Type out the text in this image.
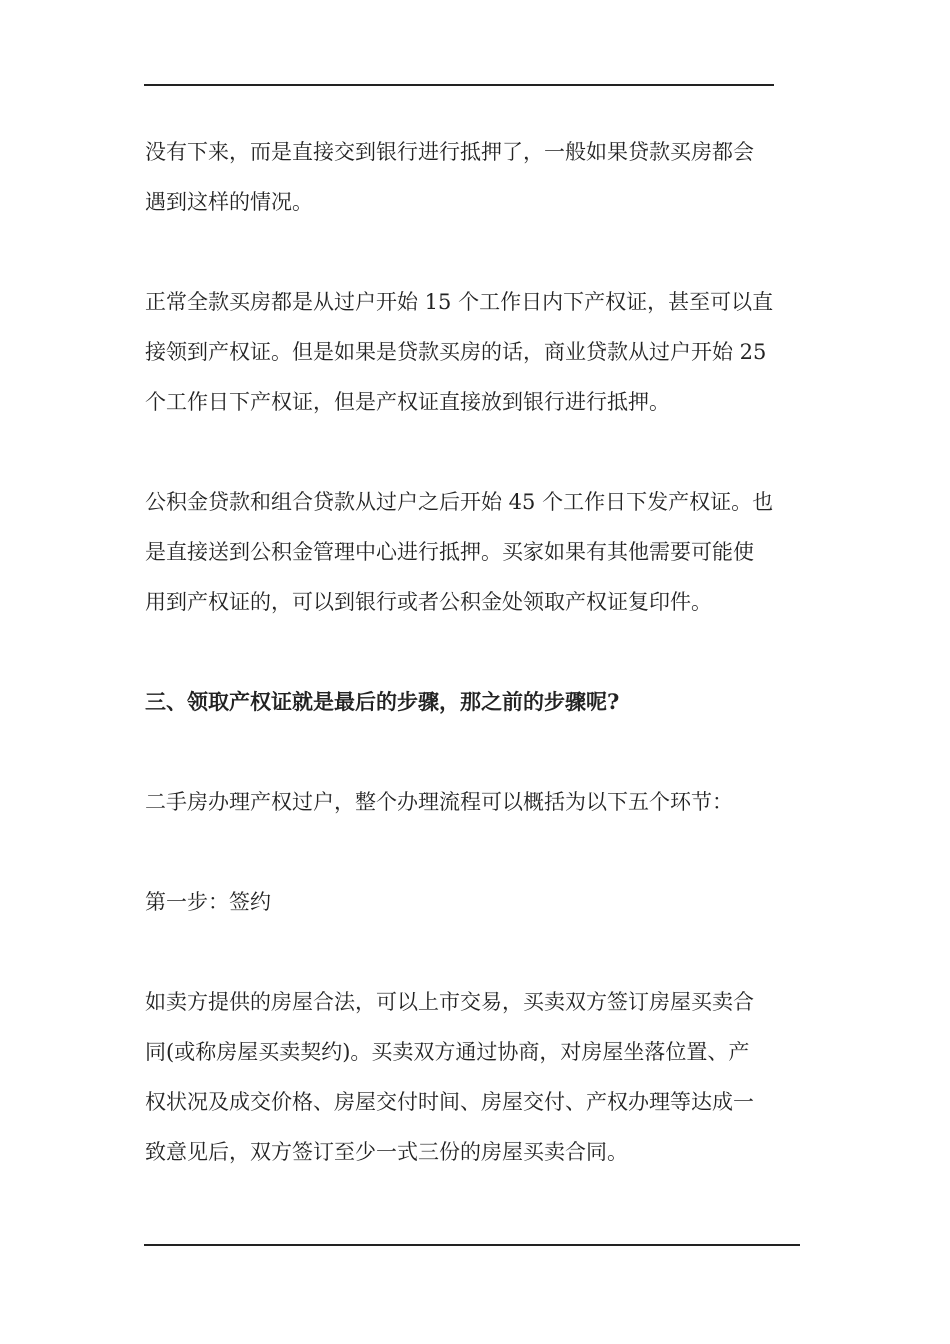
没有下来，而是直接交到银行进行抵押了，一般如果贷款买房都会
遇到这样的情况。

正常全款买房都是从过户开始 15 个工作日内下产权证，甚至可以直
接领到产权证。但是如果是贷款买房的话，商业贷款从过户开始 25
个工作日下产权证，但是产权证直接放到银行进行抵押。

公积金贷款和组合贷款从过户之后开始 45 个工作日下发产权证。也
是直接送到公积金管理中心进行抵押。买家如果有其他需要可能使
用到产权证的，可以到银行或者公积金处领取产权证复印件。

三、领取产权证就是最后的步骤，那之前的步骤呢?

二手房办理产权过户，整个办理流程可以概括为以下五个环节：

第一步：签约

如卖方提供的房屋合法，可以上市交易，买卖双方签订房屋买卖合
同(或称房屋买卖契约)。买卖双方通过协商，对房屋坐落位置、产
权状况及成交价格、房屋交付时间、房屋交付、产权办理等达成一
致意见后，双方签订至少一式三份的房屋买卖合同。
